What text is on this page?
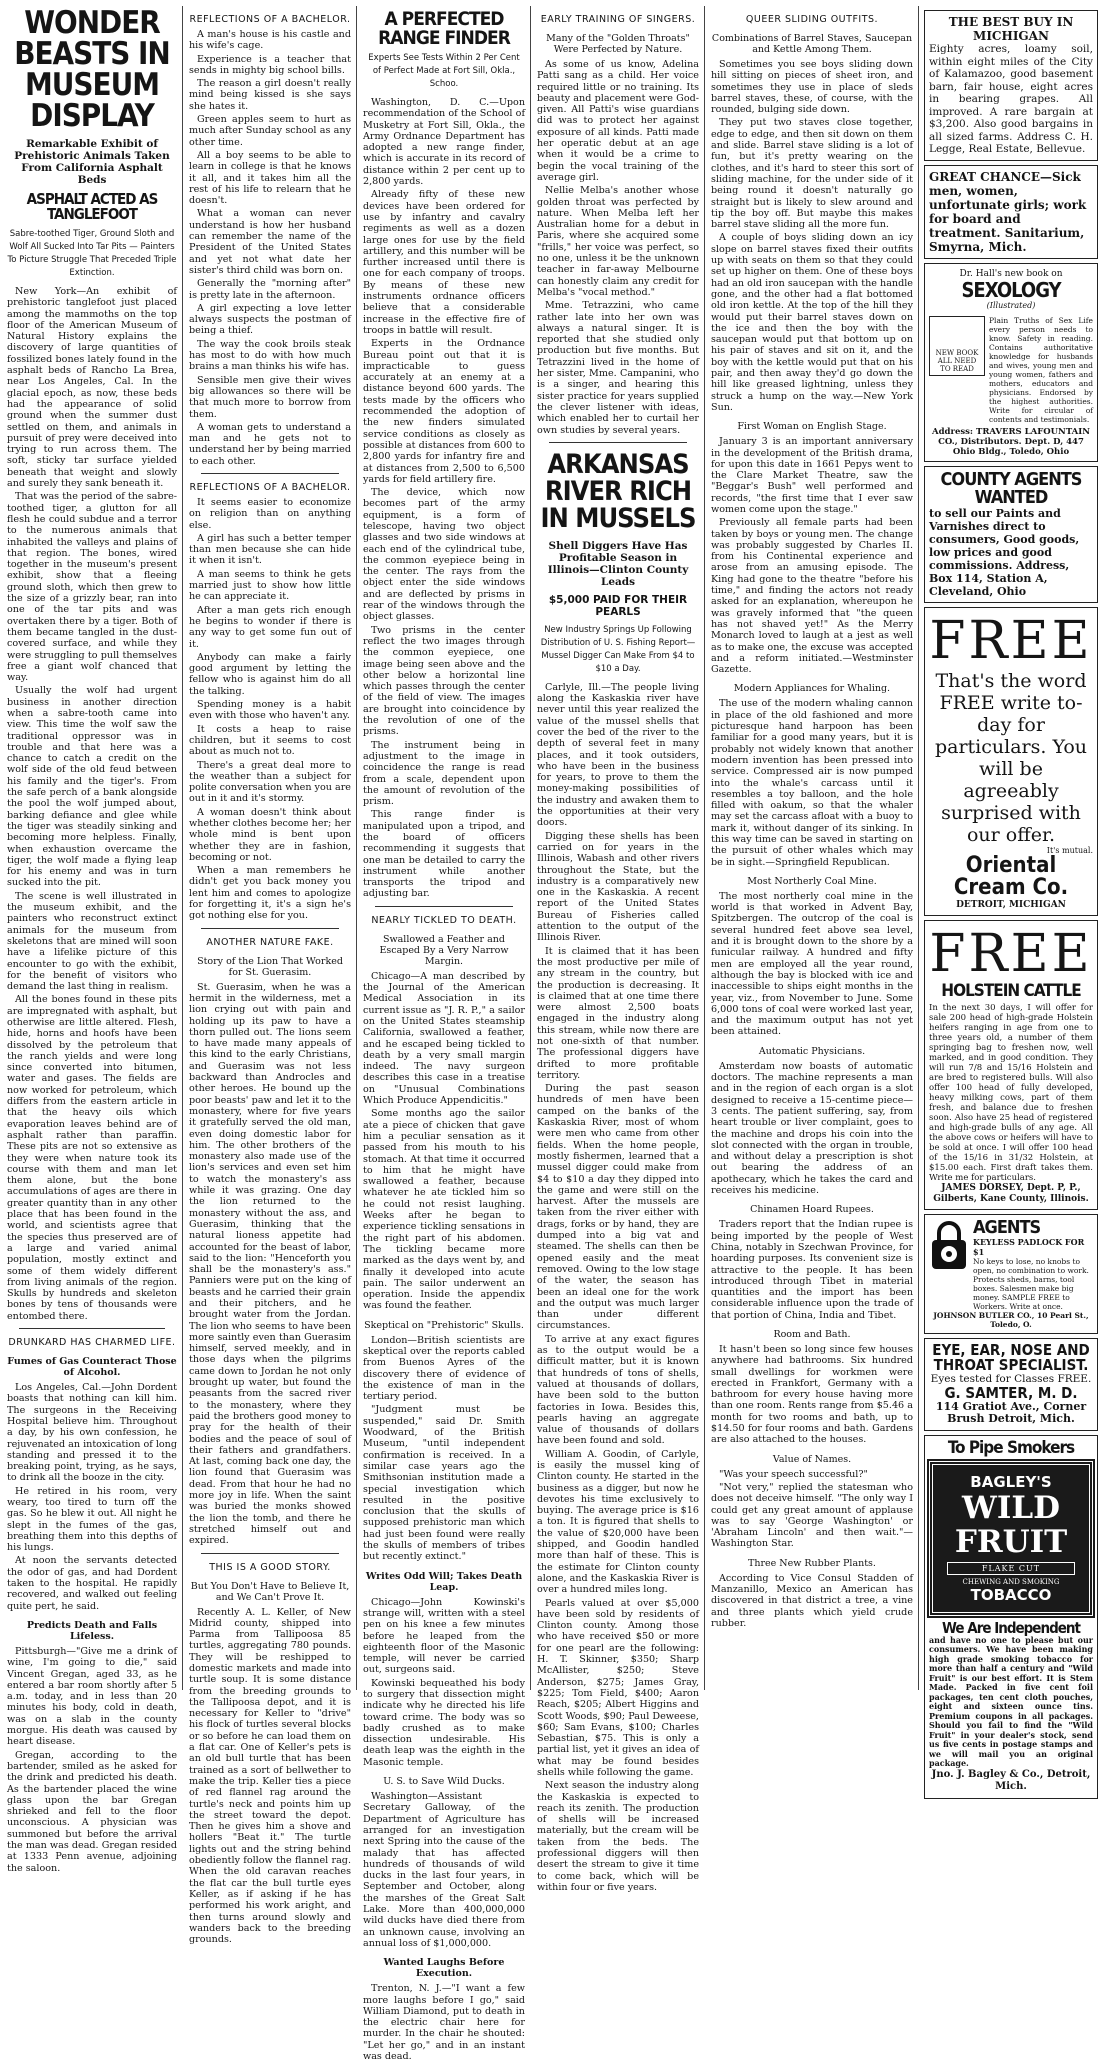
WONDER BEASTS IN MUSEUM DISPLAY
Remarkable Exhibit of Prehistoric Animals Taken From California Asphalt Beds
ASPHALT ACTED AS TANGLEFOOT
Sabre-toothed Tiger, Ground Sloth and Wolf All Sucked Into Tar Pits — Painters To Picture Struggle That Preceded Triple Extinction.

New York—An exhibit of prehistoric tanglefoot just placed among the mammoths on the top floor of the American Museum of Natural History explains the discovery of large quantities of fossilized bones lately found in the asphalt beds of Rancho La Brea, near Los Angeles, Cal. In the glacial epoch, as now, these beds had the appearance of solid ground when the summer dust settled on them, and animals in pursuit of prey were deceived into trying to run across them. The soft, sticky tar surface yielded beneath that weight and slowly and surely they sank beneath it.

That was the period of the sabre-toothed tiger, a glutton for all flesh he could subdue and a terror to the numerous animals that inhabited the valleys and plains of that region. The bones, wired together in the museum's present exhibit, show that a fleeing ground sloth, which then grew to the size of a grizzly bear, ran into one of the tar pits and was overtaken there by a tiger. Both of them became tangled in the dust-covered surface, and while they were struggling to pull themselves free a giant wolf chanced that way.

Usually the wolf had urgent business in another direction when a sabre-tooth came into view. This time the wolf saw the traditional oppressor was in trouble and that here was a chance to catch a credit on the wolf side of the old feud between his family and the tiger's. From the safe perch of a bank alongside the pool the wolf jumped about, barking defiance and glee while the tiger was steadily sinking and becoming more helpless. Finally, when exhaustion overcame the tiger, the wolf made a flying leap for his enemy and was in turn sucked into the pit.

The scene is well illustrated in the museum exhibit, and the painters who reconstruct extinct animals for the museum from skeletons that are mined will soon have a lifelike picture of this encounter to go with the exhibit, for the benefit of visitors who demand the last thing in realism.

All the bones found in these pits are impregnated with asphalt, but otherwise are little altered. Flesh, hide, horns and hoofs have been dissolved by the petroleum that the ranch yields and were long since converted into bitumen, water and gases. The fields are now worked for petroleum, which differs from the eastern article in that the heavy oils which evaporation leaves behind are of asphalt rather than paraffin. These pits are not so extensive as they were when nature took its course with them and man let them alone, but the bone accumulations of ages are there in greater quantity than in any other place that has been found in the world, and scientists agree that the species thus preserved are of a large and varied animal population, mostly extinct and some of them widely different from living animals of the region. Skulls by hundreds and skeleton bones by tens of thousands were entombed there.

DRUNKARD HAS CHARMED LIFE.
Fumes of Gas Counteract Those of Alcohol.

Los Angeles, Cal.—John Dordent boasts that nothing can kill him. The surgeons in the Receiving Hospital believe him. Throughout a day, by his own confession, he rejuvenated an intoxication of long standing and pressed it to the breaking point, trying, as he says, to drink all the booze in the city.

He retired in his room, very weary, too tired to turn off the gas. So he blew it out. All night he slept in the fumes of the gas, breathing them into this depths of his lungs.

At noon the servants detected the odor of gas, and had Dordent taken to the hospital. He rapidly recovered, and walked out feeling quite pert, he said.

Predicts Death and Falls Lifeless.

Pittsburgh—"Give me a drink of wine, I'm going to die," said Vincent Gregan, aged 33, as he entered a bar room shortly after 5 a.m. today, and in less than 20 minutes his body, cold in death, was on a slab in the county morgue. His death was caused by heart disease.

Gregan, according to the bartender, smiled as he asked for the drink and predicted his death. As the bartender placed the wine glass upon the bar Gregan shrieked and fell to the floor unconscious. A physician was summoned but before the arrival the man was dead. Gregan resided at 1333 Penn avenue, adjoining the saloon.

REFLECTIONS OF A BACHELOR.

A man's house is his castle and his wife's cage.

Experience is a teacher that sends in mighty big school bills.

The reason a girl doesn't really mind being kissed is she says she hates it.

Green apples seem to hurt as much after Sunday school as any other time.

All a boy seems to be able to learn in college is that he knows it all, and it takes him all the rest of his life to relearn that he doesn't.

What a woman can never understand is how her husband can remember the name of the President of the United States and yet not what date her sister's third child was born on.

Generally the "morning after" is pretty late in the afternoon.

A girl expecting a love letter always suspects the postman of being a thief.

The way the cook broils steak has most to do with how much brains a man thinks his wife has.

Sensible men give their wives big allowances so there will be that much more to borrow from them.

A woman gets to understand a man and he gets not to understand her by being married to each other.

REFLECTIONS OF A BACHELOR.

It seems easier to economize on religion than on anything else.

A girl has such a better temper than men because she can hide it when it isn't.

A man seems to think he gets married just to show how little he can appreciate it.

After a man gets rich enough he begins to wonder if there is any way to get some fun out of it.

Anybody can make a fairly good argument by letting the fellow who is against him do all the talking.

Spending money is a habit even with those who haven't any.

It costs a heap to raise children, but it seems to cost about as much not to.

There's a great deal more to the weather than a subject for polite conversation when you are out in it and it's stormy.

A woman doesn't think about whether clothes become her; her whole mind is bent upon whether they are in fashion, becoming or not.

When a man remembers he didn't get you back money you lent him and comes to apologize for forgetting it, it's a sign he's got nothing else for you.

ANOTHER NATURE FAKE.
Story of the Lion That Worked for St. Guerasim.

St. Guerasim, when he was a hermit in the wilderness, met a lion crying out with pain and holding up its paw to have a thorn pulled out. The lions seem to have made many appeals of this kind to the early Christians, and Guerasim was not less backward than Androcles and other heroes. He bound up the poor beasts' paw and let it to the monastery, where for five years it gratefully served the old man, even doing domestic labor for him. The other brothers of the monastery also made use of the lion's services and even set him to watch the monastery's ass while it was grazing. One day the lion returned to the monastery without the ass, and Guerasim, thinking that the natural lioness appetite had accounted for the beast of labor, said to the lion: "Henceforth you shall be the monastery's ass." Panniers were put on the king of beasts and he carried their grain and their pitchers, and he brought water from the Jordan. The lion who seems to have been more saintly even than Guerasim himself, served meekly, and in those days when the pilgrims came down to Jordan he not only brought up water, but found the peasants from the sacred river to the monastery, where they paid the brothers good money to pray for the health of their bodies and the peace of soul of their fathers and grandfathers. At last, coming back one day, the lion found that Guerasim was dead. From that hour he had no more joy in life. When the saint was buried the monks showed the lion the tomb, and there he stretched himself out and expired.

THIS IS A GOOD STORY.
But You Don't Have to Believe It, and We Can't Prove It.

Recently A. L. Keller, of New Midrid county, shipped into Parma from Tallipoosa 85 turtles, aggregating 780 pounds. They will be reshipped to domestic markets and made into turtle soup. It is some distance from the breeding grounds to the Tallipoosa depot, and it is necessary for Keller to "drive" his flock of turtles several blocks or so before he can load them on a flat car. One of Keller's pets is an old bull turtle that has been trained as a sort of bellwether to make the trip. Keller ties a piece of red flannel rag around the turtle's neck and points him up the street toward the depot. Then he gives him a shove and hollers "Beat it." The turtle lights out and the string behind obediently follow the flannel rag. When the old caravan reaches the flat car the bull turtle eyes Keller, as if asking if he has performed his work aright, and then turns around slowly and wanders back to the breeding grounds.

A PERFECTED RANGE FINDER
Experts See Tests Within 2 Per Cent of Perfect Made at Fort Sill, Okla., Schoo.

Washington, D. C.—Upon recommendation of the School of Musketry at Fort Sill, Okla., the Army Ordnance Department has adopted a new range finder, which is accurate in its record of distance within 2 per cent up to 2,800 yards.

Already fifty of these new devices have been ordered for use by infantry and cavalry regiments as well as a dozen large ones for use by the field artillery, and this number will be further increased until there is one for each company of troops. By means of these new instruments ordnance officers believe that a considerable increase in the effective fire of troops in battle will result.

Experts in the Ordnance Bureau point out that it is impracticable to guess accurately at an enemy at a distance beyond 600 yards. The tests made by the officers who recommended the adoption of the new finders simulated service conditions as closely as possible at distances from 600 to 2,800 yards for infantry fire and at distances from 2,500 to 6,500 yards for field artillery fire.

The device, which now becomes part of the army equipment, is a form of telescope, having two object glasses and two side windows at each end of the cylindrical tube, the common eyepiece being in the center. The rays from the object enter the side windows and are deflected by prisms in rear of the windows through the object glasses.

Two prisms in the center reflect the two images through the common eyepiece, one image being seen above and the other below a horizontal line which passes through the center of the field of view. The images are brought into coincidence by the revolution of one of the prisms.

The instrument being in adjustment to the image in coincidence the range is read from a scale, dependent upon the amount of revolution of the prism.

This range finder is manipulated upon a tripod, and the board of officers recommending it suggests that one man be detailed to carry the instrument while another transports the tripod and adjusting bar.

NEARLY TICKLED TO DEATH.
Swallowed a Feather and Escaped By a Very Narrow Margin.

Chicago—A man described by the Journal of the American Medical Association in its current issue as "J. R. P.," a sailor on the United States steamship California, swallowed a feather, and he escaped being tickled to death by a very small margin indeed. The navy surgeon describes this case in a treatise on "Unusual Combinations Which Produce Appendicitis."

Some months ago the sailor ate a piece of chicken that gave him a peculiar sensation as it passed from his mouth to his stomach. At that time it occurred to him that he might have swallowed a feather, because whatever he ate tickled him so he could not resist laughing. Weeks after he began to experience tickling sensations in the right part of his abdomen. The tickling became more marked as the days went by, and finally it developed into acute pain. The sailor underwent an operation. Inside the appendix was found the feather.

Skeptical on "Prehistoric" Skulls.

London—British scientists are skeptical over the reports cabled from Buenos Ayres of the discovery there of evidence of the existence of man in the tertiary period.

"Judgment must be suspended," said Dr. Smith Woodward, of the British Museum, "until independent confirmation is received. In a similar case years ago the Smithsonian institution made a special investigation which resulted in the positive conclusion that the skulls of supposed prehistoric man which had just been found were really the skulls of members of tribes but recently extinct."

Writes Odd Will; Takes Death Leap.

Chicago—John Kowinski's strange will, written with a steel pen on his knee a few minutes before he leaped from the eighteenth floor of the Masonic temple, will never be carried out, surgeons said.

Kowinski bequeathed his body to surgery that dissection might indicate why he directed his life toward crime. The body was so badly crushed as to make dissection undesirable. His death leap was the eighth in the Masonic temple.

U. S. to Save Wild Ducks.

Washington—Assistant Secretary Galloway, of the Department of Agriculture has arranged for an investigation next Spring into the cause of the malady that has affected hundreds of thousands of wild ducks in the last four years, in September and October, along the marshes of the Great Salt Lake. More than 400,000,000 wild ducks have died there from an unknown cause, involving an annual loss of $1,000,000.

Wanted Laughs Before Execution.

Trenton, N. J.—"I want a few more laughs before I go," said William Diamond, put to death in the electric chair here for murder. In the chair he shouted: "Let her go," and in an instant was dead.

EARLY TRAINING OF SINGERS.
Many of the "Golden Throats" Were Perfected by Nature.

As some of us know, Adelina Patti sang as a child. Her voice required little or no training. Its beauty and placement were God-given. All Patti's wise guardians did was to protect her against exposure of all kinds. Patti made her operatic debut at an age when it would be a crime to begin the vocal training of the average girl.

Nellie Melba's another whose golden throat was perfected by nature. When Melba left her Australian home for a debut in Paris, where she acquired some "frills," her voice was perfect, so no one, unless it be the unknown teacher in far-away Melbourne can honestly claim any credit for Melba's "vocal method."

Mme. Tetrazzini, who came rather late into her own was always a natural singer. It is reported that she studied only production but five months. But Tetrazzini lived in the home of her sister, Mme. Campanini, who is a singer, and hearing this sister practice for years supplied the clever listener with ideas, which enabled her to curtail her own studies by several years.

ARKANSAS RIVER RICH IN MUSSELS
Shell Diggers Have Has Profitable Season in Illinois—Clinton County Leads
$5,000 PAID FOR THEIR PEARLS
New Industry Springs Up Following Distribution of U. S. Fishing Report—Mussel Digger Can Make From $4 to $10 a Day.

Carlyle, Ill.—The people living along the Kaskaskia river have never until this year realized the value of the mussel shells that cover the bed of the river to the depth of several feet in many places, and it took outsiders, who have been in the business for years, to prove to them the money-making possibilities of the industry and awaken them to the opportunities at their very doors.

Digging these shells has been carried on for years in the Illinois, Wabash and other rivers throughout the State, but the industry is a comparatively new one in the Kaskaskia. A recent report of the United States Bureau of Fisheries called attention to the output of the Illinois River.

It is claimed that it has been the most productive per mile of any stream in the country, but the production is decreasing. It is claimed that at one time there were almost 2,500 boats engaged in the industry along this stream, while now there are not one-sixth of that number. The professional diggers have drifted to more profitable territory.

During the past season hundreds of men have been camped on the banks of the Kaskaskia River, most of whom were men who came from other fields. When the home people, mostly fishermen, learned that a mussel digger could make from $4 to $10 a day they dipped into the game and were still on the harvest. After the mussels are taken from the river either with drags, forks or by hand, they are dumped into a big vat and steamed. The shells can then be opened easily and the meat removed. Owing to the low stage of the water, the season has been an ideal one for the work and the output was much larger than under different circumstances.

To arrive at any exact figures as to the output would be a difficult matter, but it is known that hundreds of tons of shells, valued at thousands of dollars, have been sold to the button factories in Iowa. Besides this, pearls having an aggregate value of thousands of dollars have been found and sold.

William A. Goodin, of Carlyle, is easily the mussel king of Clinton county. He started in the business as a digger, but now he devotes his time exclusively to buying. The average price is $16 a ton. It is figured that shells to the value of $20,000 have been shipped, and Goodin handled more than half of these. This is the estimate for Clinton county alone, and the Kaskaskia River is over a hundred miles long.

Pearls valued at over $5,000 have been sold by residents of Clinton county. Among those who have received $50 or more for one pearl are the following: H. T. Skinner, $350; Sharp McAllister, $250; Steve Anderson, $275; James Gray, $225; Tom Field, $400; Aaron Reach, $205; Albert Higgins and Scott Woods, $90; Paul Deweese, $60; Sam Evans, $100; Charles Sebastian, $75. This is only a partial list, yet it gives an idea of what may be found besides shells while following the game.

Next season the industry along the Kaskaskia is expected to reach its zenith. The production of shells will be increased materially, but the cream will be taken from the beds. The professional diggers will then desert the stream to give it time to come back, which will be within four or five years.

QUEER SLIDING OUTFITS.
Combinations of Barrel Staves, Saucepan and Kettle Among Them.

Sometimes you see boys sliding down hill sitting on pieces of sheet iron, and sometimes they use in place of sleds barrel staves, these, of course, with the rounded, bulging side down.

They put two staves close together, edge to edge, and then sit down on them and slide. Barrel stave sliding is a lot of fun, but it's pretty wearing on the clothes, and it's hard to steer this sort of sliding machine, for the under side of it being round it doesn't naturally go straight but is likely to slew around and tip the boy off. But maybe this makes barrel stave sliding all the more fun.

A couple of boys sliding down an icy slope on barrel staves fixed their outfits up with seats on them so that they could set up higher on them. One of these boys had an old iron saucepan with the handle gone, and the other had a flat bottomed old iron kettle. At the top of the hill they would put their barrel staves down on the ice and then the boy with the saucepan would put that bottom up on his pair of staves and sit on it, and the boy with the kettle would put that on his pair, and then away they'd go down the hill like greased lightning, unless they struck a hump on the way.—New York Sun.

First Woman on English Stage.

January 3 is an important anniversary in the development of the British drama, for upon this date in 1661 Pepys went to the Clare Market Theatre, saw the "Beggar's Bush" well performed and records, "the first time that I ever saw women come upon the stage."

Previously all female parts had been taken by boys or young men. The change was probably suggested by Charles II. from his Continental experience and arose from an amusing episode. The King had gone to the theatre "before his time," and finding the actors not ready asked for an explanation, whereupon he was gravely informed that "the queen has not shaved yet!" As the Merry Monarch loved to laugh at a jest as well as to make one, the excuse was accepted and a reform initiated.—Westminster Gazette.

Modern Appliances for Whaling.

The use of the modern whaling cannon in place of the old fashioned and more picturesque hand harpoon has been familiar for a good many years, but it is probably not widely known that another modern invention has been pressed into service. Compressed air is now pumped into the whale's carcass until it resembles a toy balloon, and the hole filled with oakum, so that the whaler may set the carcass afloat with a buoy to mark it, without danger of its sinking. In this way time can be saved in starting on the pursuit of other whales which may be in sight.—Springfield Republican.

Most Northerly Coal Mine.

The most northerly coal mine in the world is that worked in Advent Bay, Spitzbergen. The outcrop of the coal is several hundred feet above sea level, and it is brought down to the shore by a funicular railway. A hundred and fifty men are employed all the year round, although the bay is blocked with ice and inaccessible to ships eight months in the year, viz., from November to June. Some 6,000 tons of coal were worked last year, and the maximum output has not yet been attained.

Automatic Physicians.

Amsterdam now boasts of automatic doctors. The machine represents a man and in the region of each organ is a slot designed to receive a 15-centime piece—3 cents. The patient suffering, say, from heart trouble or liver complaint, goes to the machine and drops his coin into the slot connected with the organ in trouble, and without delay a prescription is shot out bearing the address of an apothecary, which he takes the card and receives his medicine.

Chinamen Hoard Rupees.

Traders report that the Indian rupee is being imported by the people of West China, notably in Szechwan Province, for hoarding purposes. Its convenient size is attractive to the people. It has been introduced through Tibet in material quantities and the import has been considerable influence upon the trade of that portion of China, India and Tibet.

Room and Bath.

It hasn't been so long since few houses anywhere had bathrooms. Six hundred small dwellings for workmen were erected in Frankfort, Germany with a bathroom for every house having more than one room. Rents range from $5.46 a month for two rooms and bath, up to $14.50 for four rooms and bath. Gardens are also attached to the houses.

Value of Names.

"Was your speech successful?"

"Not very," replied the statesman who does not deceive himself. "The only way I could get any great amount of applause was to say 'George Washington' or 'Abraham Lincoln' and then wait."—Washington Star.

Three New Rubber Plants.

According to Vice Consul Stadden of Manzanillo, Mexico an American has discovered in that district a tree, a vine and three plants which yield crude rubber.

THE BEST BUY IN MICHIGAN
Eighty acres, loamy soil, within eight miles of the City of Kalamazoo, good basement barn, fair house, eight acres in bearing grapes. All improved. A rare bargain at $3,200. Also good bargains in all sized farms. Address C. H. Legge, Real Estate, Bellevue.
GREAT CHANCE—Sick men, women, unfortunate girls; work for board and treatment. Sanitarium, Smyrna, Mich.
Dr. Hall's new book on
SEXOLOGY
(Illustrated)
NEW BOOK ALL NEED TO READ
Plain Truths of Sex Life every person needs to know. Safety in reading. Contains authoritative knowledge for husbands and wives, young men and young women, fathers and mothers, educators and physicians. Endorsed by the highest authorities. Write for circular of contents and testimonials.
Address: TRAVERS LAFOUNTAIN CO., Distributors. Dept. D, 447 Ohio Bldg., Toledo, Ohio
COUNTY AGENTS WANTED
to sell our Paints and Varnishes direct to consumers, Good goods, low prices and good commissions. Address, Box 114, Station A, Cleveland, Ohio
FREE
That's the word FREE write to-day for particulars. You will be agreeably surprised with our offer.
It's mutual.
Oriental Cream Co.
DETROIT, MICHIGAN
FREE
HOLSTEIN CATTLE
In the next 30 days, I will offer for sale 200 head of high-grade Holstein heifers ranging in age from one to three years old, a number of them springing bag to freshen now, well marked, and in good condition. They will run 7/8 and 15/16 Holstein and are bred to registered bulls. Will also offer 100 head of fully developed, heavy milking cows, part of them fresh, and balance due to freshen soon. Also have 25 head of registered and high-grade bulls of any age. All the above cows or heifers will have to be sold at once. I will offer 100 head of the 15/16 in 31/32 Holstein, at $15.00 each. First draft takes them. Write me for particulars.
JAMES DORSEY, Dept. P, P., Gilberts, Kane County, Illinois.
AGENTS
KEYLESS PADLOCK FOR $1
No keys to lose, no knobs to open, no combination to work. Protects sheds, barns, tool boxes. Salesmen make big money. SAMPLE FREE to Workers. Write at once.
JOHNSON BUTLER CO., 10 Pearl St., Toledo, O.
EYE, EAR, NOSE AND THROAT SPECIALIST.
Eyes tested for Classes FREE.
G. SAMTER, M. D.
114 Gratiot Ave., Corner Brush Detroit, Mich.
To Pipe Smokers
BAGLEY'S
WILD FRUIT
FLAKE CUT
CHEWING AND SMOKING
TOBACCO
We Are Independent
and have no one to please but our consumers. We have been making high grade smoking tobacco for more than half a century and "Wild Fruit" is our best effort. It is Stem Made. Packed in five cent foil packages, ten cent cloth pouches, eight and sixteen ounce tins. Premium coupons in all packages. Should you fail to find the "Wild Fruit" in your dealer's stock, send us five cents in postage stamps and we will mail you an original package.
Jno. J. Bagley & Co., Detroit, Mich.
